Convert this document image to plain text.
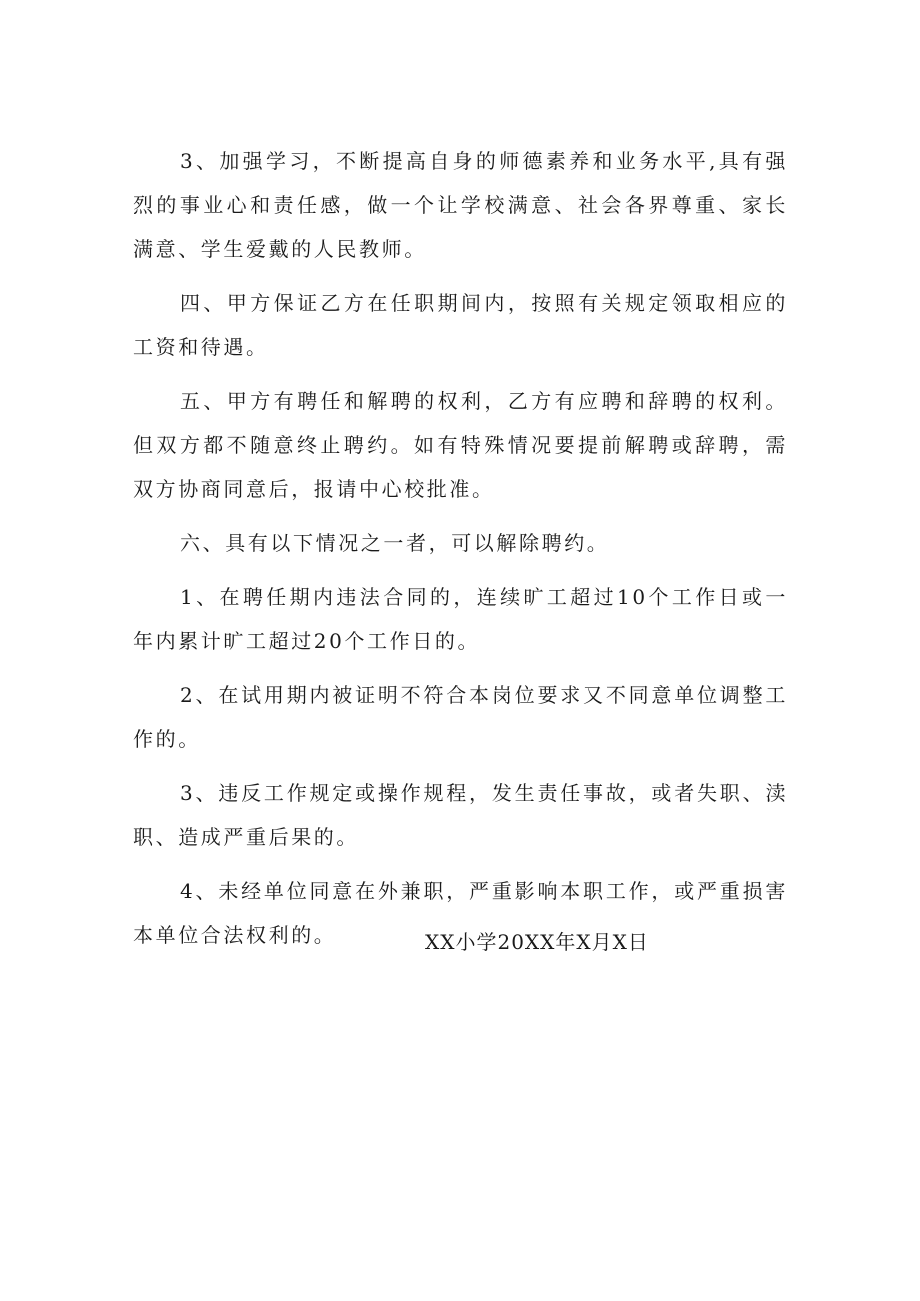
3、加强学习，不断提高自身的师德素养和业务水平,具有强烈的事业心和责任感，做一个让学校满意、社会各界尊重、家长满意、学生爱戴的人民教师。

四、甲方保证乙方在任职期间内，按照有关规定领取相应的工资和待遇。

五、甲方有聘任和解聘的权利，乙方有应聘和辞聘的权利。但双方都不随意终止聘约。如有特殊情况要提前解聘或辞聘，需双方协商同意后，报请中心校批准。

六、具有以下情况之一者，可以解除聘约。

1、在聘任期内违法合同的，连续旷工超过10个工作日或一年内累计旷工超过20个工作日的。

2、在试用期内被证明不符合本岗位要求又不同意单位调整工作的。

3、违反工作规定或操作规程，发生责任事故，或者失职、渎职、造成严重后果的。

4、未经单位同意在外兼职，严重影响本职工作，或严重损害本单位合法权利的。	XX小学20XX年X月X日
